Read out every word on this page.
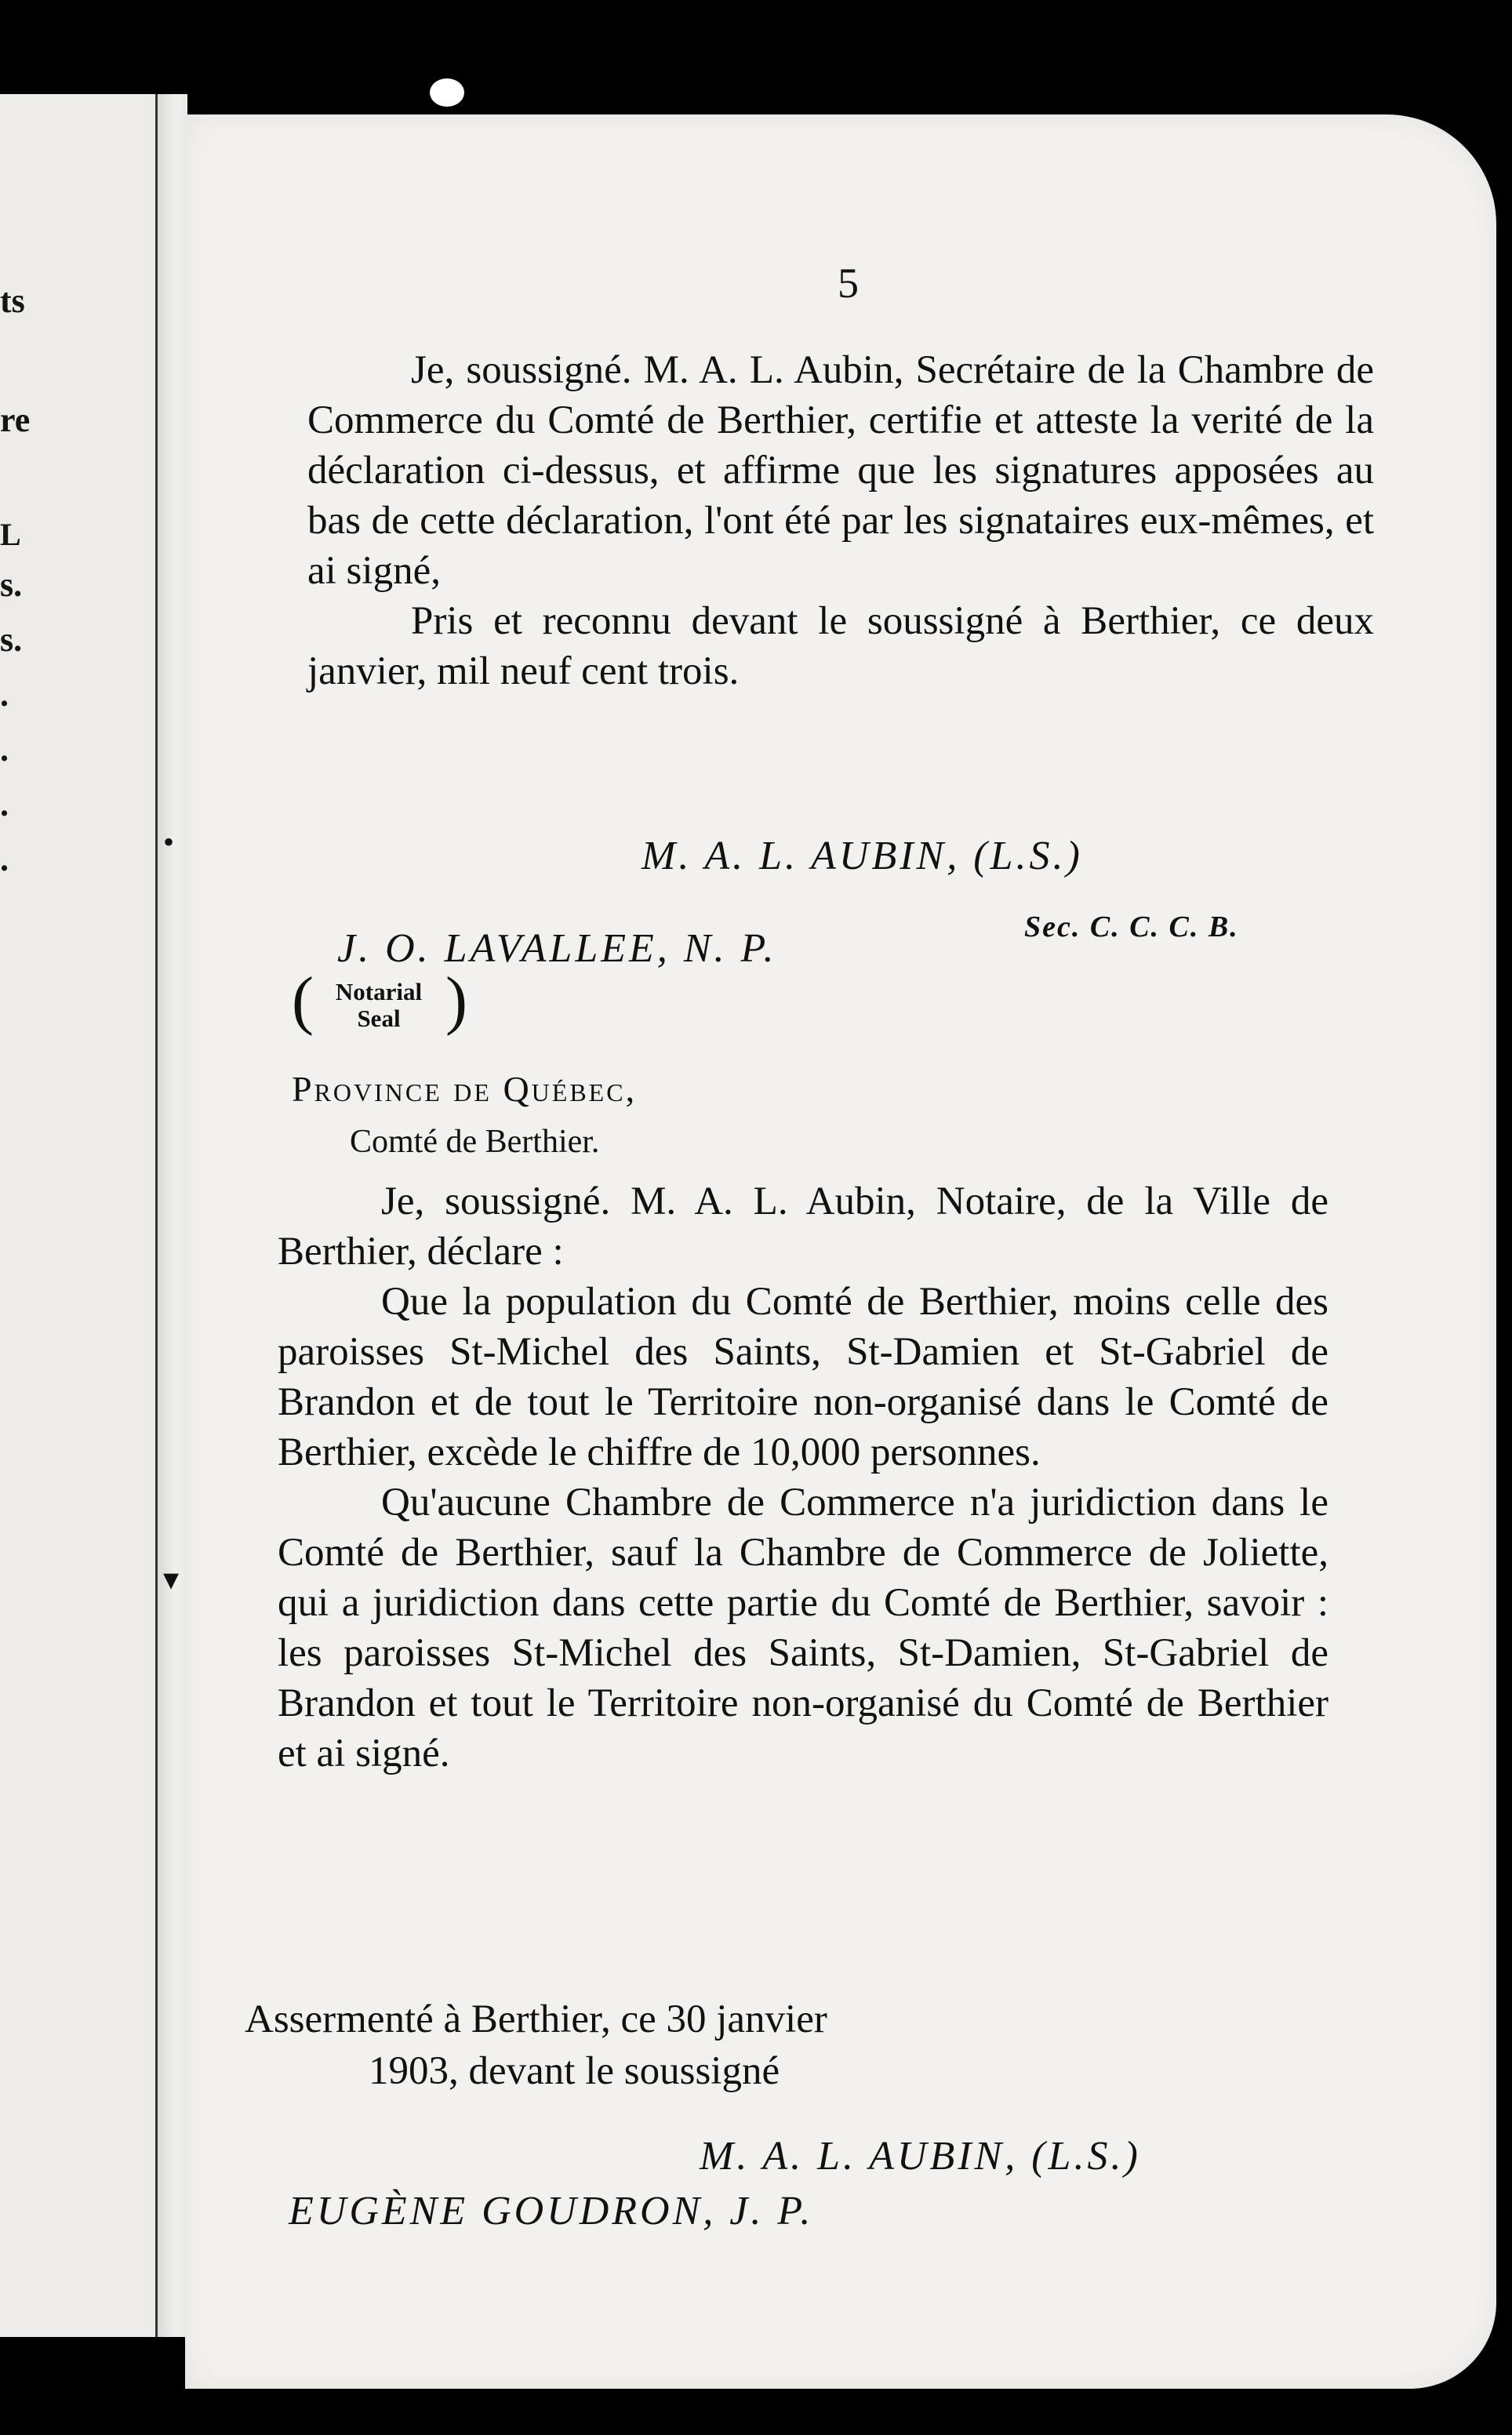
ts
re
L
s.
s.
.
.
.
.	•
▾
5

Je, soussigné. M. A. L. Aubin, Secrétaire de la Chambre de Commerce du Comté de Berthier, certifie et atteste la verité de la déclaration ci-dessus, et affirme que les signatures apposées au bas de cette déclaration, l'ont été par les signataires eux-mêmes, et ai signé,

Pris et reconnu devant le soussigné à Berthier, ce deux janvier, mil neuf cent trois.

M. A. L. AUBIN, (L.S.)
Sec. C. C. C. B.
J. O. LAVALLEE, N. P.
( Notarial
Seal )
Province de Québec,
Comté de Berthier.

Je, soussigné. M. A. L. Aubin, Notaire, de la Ville de Berthier, déclare :

Que la population du Comté de Berthier, moins celle des paroisses St-Michel des Saints, St-Damien et St-Gabriel de Brandon et de tout le Territoire non-organisé dans le Comté de Berthier, excède le chiffre de 10,000 personnes.

Qu'aucune Chambre de Commerce n'a juridiction dans le Comté de Berthier, sauf la Chambre de Commerce de Joliette, qui a juridiction dans cette partie du Comté de Berthier, savoir : les paroisses St-Michel des Saints, St-Damien, St-Gabriel de Brandon et tout le Territoire non-organisé du Comté de Berthier et ai signé.

Assermenté à Berthier, ce 30 janvier
1903, devant le soussigné
M. A. L. AUBIN, (L.S.)
EUGÈNE GOUDRON, J. P.
